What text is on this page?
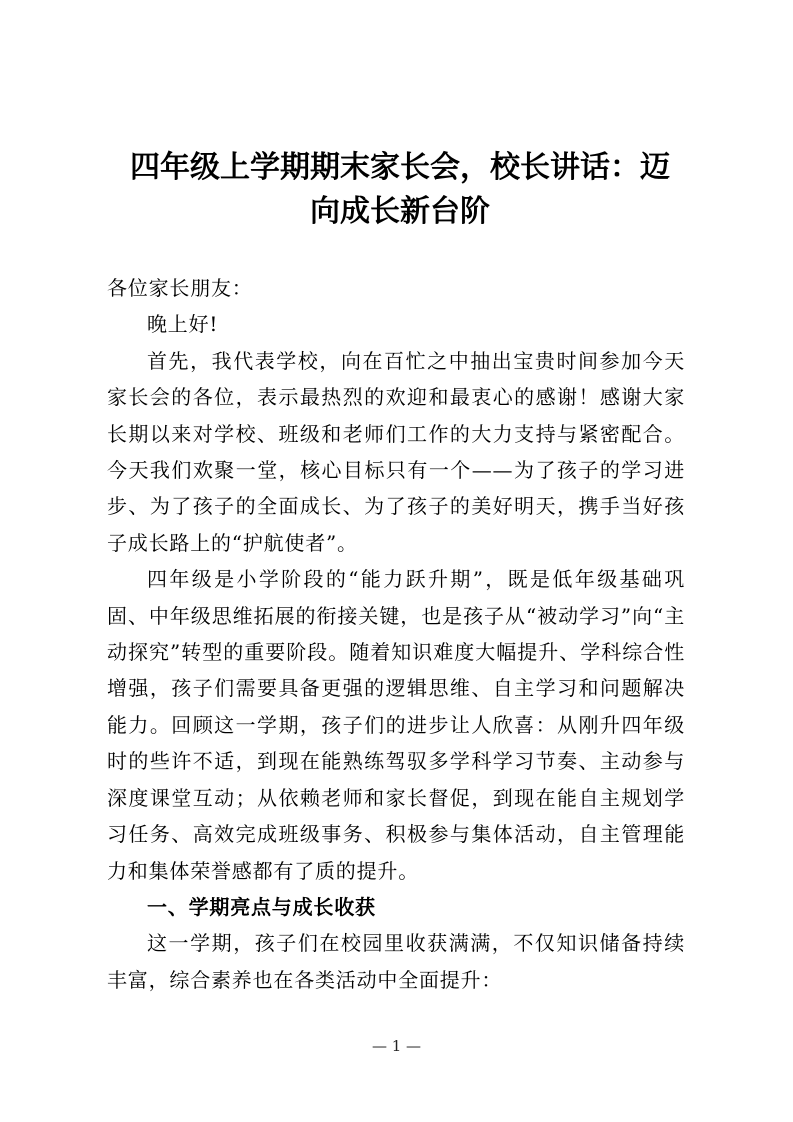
四年级上学期期末家长会，校长讲话：迈
向成长新台阶

各位家长朋友：

晚上好!

首先，我代表学校，向在百忙之中抽出宝贵时间参加今天家长会的各位，表示最热烈的欢迎和最衷心的感谢！感谢大家长期以来对学校、班级和老师们工作的大力支持与紧密配合。今天我们欢聚一堂，核心目标只有一个——为了孩子的学习进步、为了孩子的全面成长、为了孩子的美好明天，携手当好孩子成长路上的“护航使者”。

四年级是小学阶段的“能力跃升期”，既是低年级基础巩固、中年级思维拓展的衔接关键，也是孩子从“被动学习”向“主动探究”转型的重要阶段。随着知识难度大幅提升、学科综合性增强，孩子们需要具备更强的逻辑思维、自主学习和问题解决能力。回顾这一学期，孩子们的进步让人欣喜：从刚升四年级时的些许不适，到现在能熟练驾驭多学科学习节奏、主动参与深度课堂互动；从依赖老师和家长督促，到现在能自主规划学习任务、高效完成班级事务、积极参与集体活动，自主管理能力和集体荣誉感都有了质的提升。

一、学期亮点与成长收获

这一学期，孩子们在校园里收获满满，不仅知识储备持续丰富，综合素养也在各类活动中全面提升：

— 1 —
